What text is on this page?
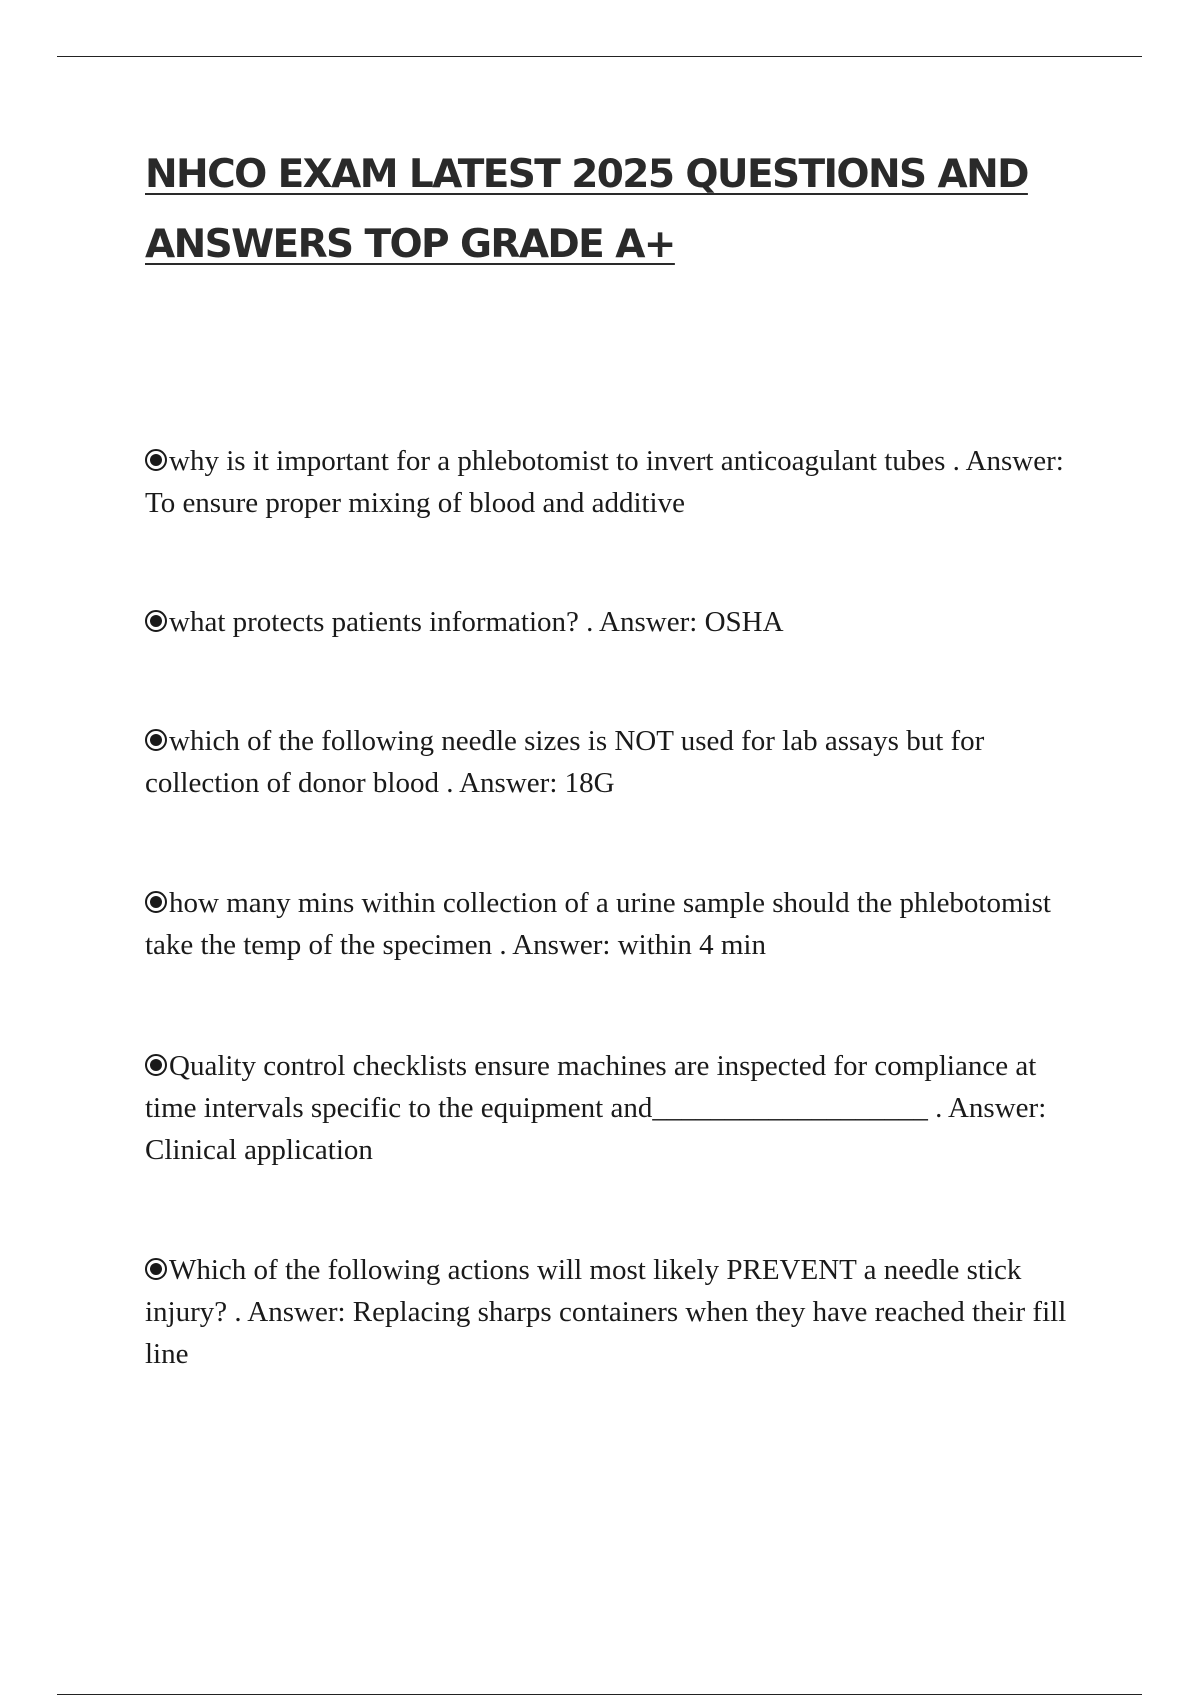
NHCO EXAM LATEST 2025 QUESTIONS AND ANSWERS TOP GRADE A+

why is it important for a phlebotomist to invert anticoagulant tubes . Answer: To ensure proper mixing of blood and additive

what protects patients information? . Answer: OSHA

which of the following needle sizes is NOT used for lab assays but for collection of donor blood . Answer: 18G

how many mins within collection of a urine sample should the phlebotomist take the temp of the specimen . Answer: within 4 min

Quality control checklists ensure machines are inspected for compliance at time intervals specific to the equipment and___________________ . Answer: Clinical application

Which of the following actions will most likely PREVENT a needle stick injury? . Answer: Replacing sharps containers when they have reached their fill line
